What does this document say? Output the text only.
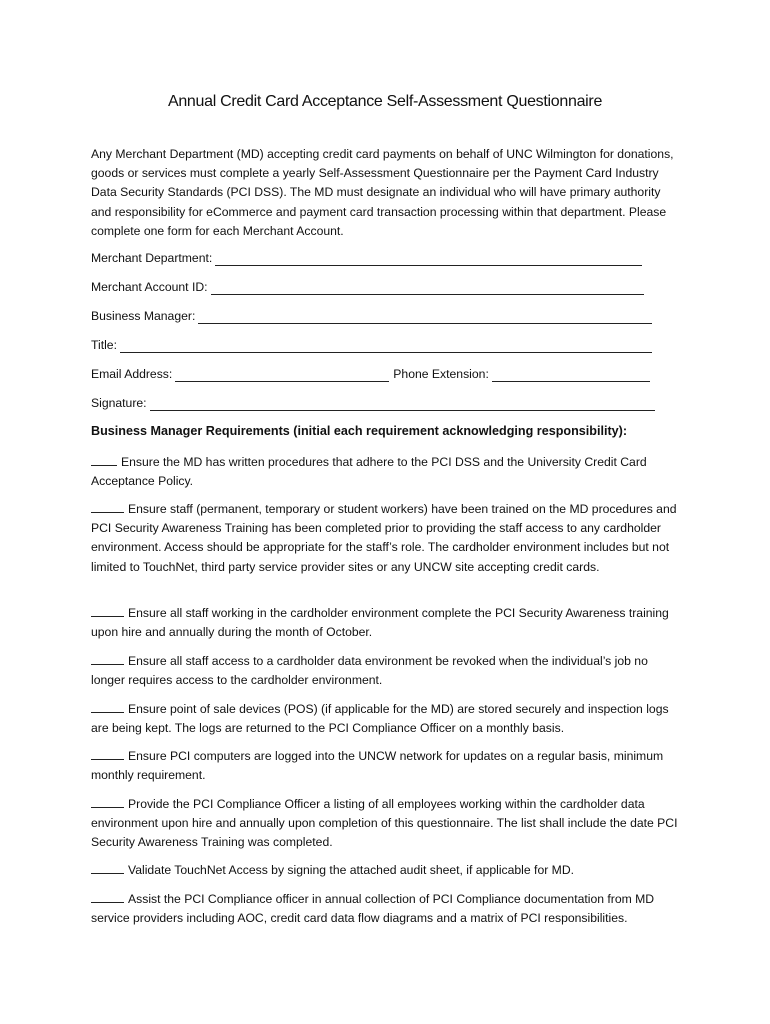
Annual Credit Card Acceptance Self-Assessment Questionnaire
Any Merchant Department (MD) accepting credit card payments on behalf of UNC Wilmington for donations, goods or services must complete a yearly Self-Assessment Questionnaire per the Payment Card Industry Data Security Standards (PCI DSS). The MD must designate an individual who will have primary authority and responsibility for eCommerce and payment card transaction processing within that department. Please complete one form for each Merchant Account.
Merchant Department:
Merchant Account ID:
Business Manager:
Title:
Email Address:	Phone Extension:
Signature:
Business Manager Requirements (initial each requirement acknowledging responsibility):
Ensure the MD has written procedures that adhere to the PCI DSS and the University Credit Card Acceptance Policy.
Ensure staff (permanent, temporary or student workers) have been trained on the MD procedures and PCI Security Awareness Training has been completed prior to providing the staff access to any cardholder environment. Access should be appropriate for the staff’s role. The cardholder environment includes but not limited to TouchNet, third party service provider sites or any UNCW site accepting credit cards.
Ensure all staff working in the cardholder environment complete the PCI Security Awareness training upon hire and annually during the month of October.
Ensure all staff access to a cardholder data environment be revoked when the individual’s job no longer requires access to the cardholder environment.
Ensure point of sale devices (POS) (if applicable for the MD) are stored securely and inspection logs are being kept. The logs are returned to the PCI Compliance Officer on a monthly basis.
Ensure PCI computers are logged into the UNCW network for updates on a regular basis, minimum monthly requirement.
Provide the PCI Compliance Officer a listing of all employees working within the cardholder data environment upon hire and annually upon completion of this questionnaire. The list shall include the date PCI Security Awareness Training was completed.
Validate TouchNet Access by signing the attached audit sheet, if applicable for MD.
Assist the PCI Compliance officer in annual collection of PCI Compliance documentation from MD service providers including AOC, credit card data flow diagrams and a matrix of PCI responsibilities.
